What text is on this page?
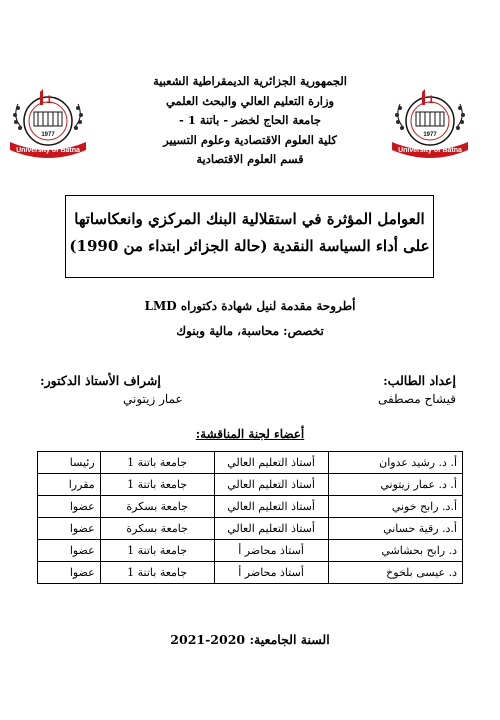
1
1977
University of Batna
1
1977
University of Batna
الجمهورية الجزائرية الديمقراطية الشعبية
وزارة التعليم العالي والبحث العلمي
جامعة الحاج لخضر - باتنة 1 -
كلية العلوم الاقتصادية وعلوم التسيير
قسم العلوم الاقتصادية
العوامل المؤثرة في استقلالية البنك المركزي وانعكاساتها
على أداء السياسة النقدية (حالة الجزائر ابتداء من 1990)
أطروحة مقدمة لنيل شهادة دكتوراه LMD
تخصص: محاسبة، مالية وبنوك
إعداد الطالب:
قيشاح مصطفى
إشراف الأستاذ الدكتور:
عمار زيتوني
أعضاء لجنة المناقشة:
أ. د. رشيد عدوان	أستاذ التعليم العالي	جامعة باتنة 1	رئيسا
أ. د. عمار زيتوني	أستاذ التعليم العالي	جامعة باتنة 1	مقررا
أ.د. رابح خوني	أستاذ التعليم العالي	جامعة بسكرة	عضوا
أ.د. رقية حساني	أستاذ التعليم العالي	جامعة بسكرة	عضوا
د. رابح بحشاشي	أستاذ محاضر أ	جامعة باتنة 1	عضوا
د. عيسى بلخوخ	أستاذ محاضر أ	جامعة باتنة 1	عضوا
السنة الجامعية: 2020-2021
